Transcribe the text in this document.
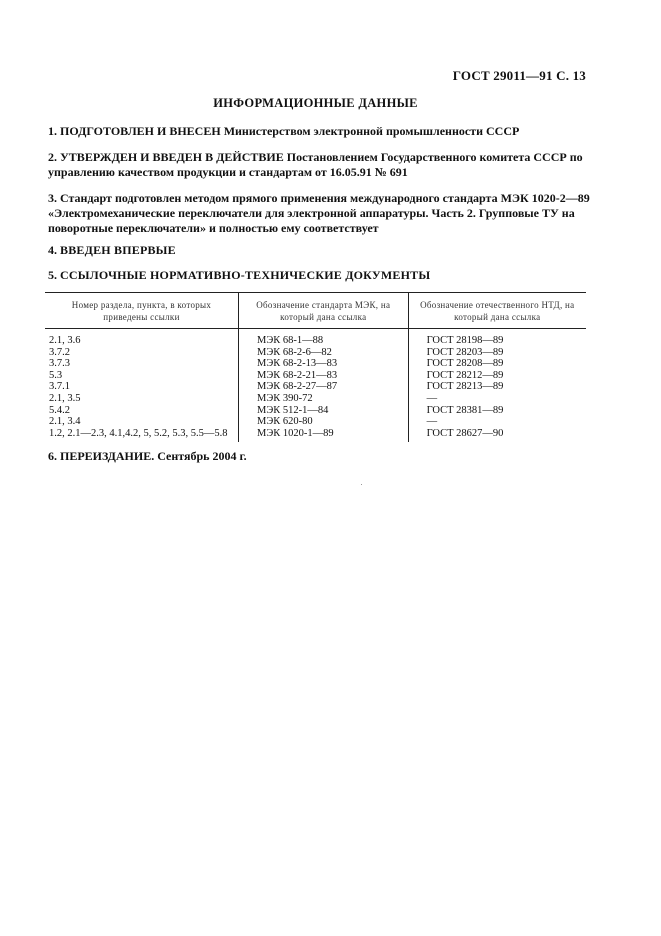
ГОСТ 29011—91 С. 13
ИНФОРМАЦИОННЫЕ ДАННЫЕ
1. ПОДГОТОВЛЕН И ВНЕСЕН Министерством электронной промышленности СССР
2. УТВЕРЖДЕН И ВВЕДЕН В ДЕЙСТВИЕ Постановлением Государственного комитета СССР по управлению качеством продукции и стандартам от 16.05.91 № 691
3. Стандарт подготовлен методом прямого применения международного стандарта МЭК 1020-2—89 «Электромеханические переключатели для электронной аппаратуры. Часть 2. Групповые ТУ на поворотные переключатели» и полностью ему соответствует
4. ВВЕДЕН ВПЕРВЫЕ
5. ССЫЛОЧНЫЕ НОРМАТИВНО-ТЕХНИЧЕСКИЕ ДОКУМЕНТЫ
Номер раздела, пункта, в которых приведены ссылки	Обозначение стандарта МЭК, на который дана ссылка	Обозначение отечественного НТД, на который дана ссылка
2.1, 3.6	МЭК 68-1—88	ГОСТ 28198—89
3.7.2	МЭК 68-2-6—82	ГОСТ 28203—89
3.7.3	МЭК 68-2-13—83	ГОСТ 28208—89
5.3	МЭК 68-2-21—83	ГОСТ 28212—89
3.7.1	МЭК 68-2-27—87	ГОСТ 28213—89
2.1, 3.5	МЭК 390-72	—
5.4.2	МЭК 512-1—84	ГОСТ 28381—89
2.1, 3.4	МЭК 620-80	—
1.2, 2.1—2.3, 4.1,4.2, 5, 5.2, 5.3, 5.5—5.8	МЭК 1020-1—89	ГОСТ 28627—90
6. ПЕРЕИЗДАНИЕ. Сентябрь 2004 г.
